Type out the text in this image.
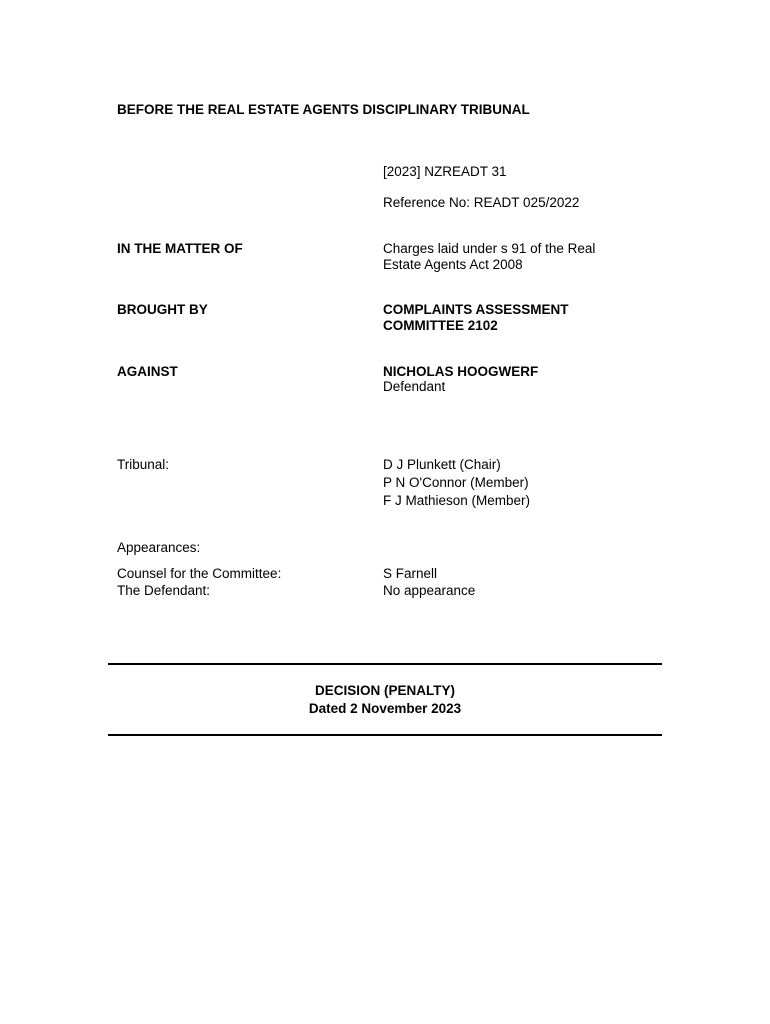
BEFORE THE REAL ESTATE AGENTS DISCIPLINARY TRIBUNAL
[2023] NZREADT 31
Reference No: READT 025/2022
IN THE MATTER OF	Charges laid under s 91 of the Real
Estate Agents Act 2008
BROUGHT BY	COMPLAINTS ASSESSMENT
COMMITTEE 2102
AGAINST	NICHOLAS HOOGWERF
Defendant
Tribunal:	D J Plunkett (Chair)
P N O'Connor (Member)
F J Mathieson (Member)
Appearances:
Counsel for the Committee:	S Farnell
The Defendant:	No appearance
DECISION (PENALTY)
Dated 2 November 2023
